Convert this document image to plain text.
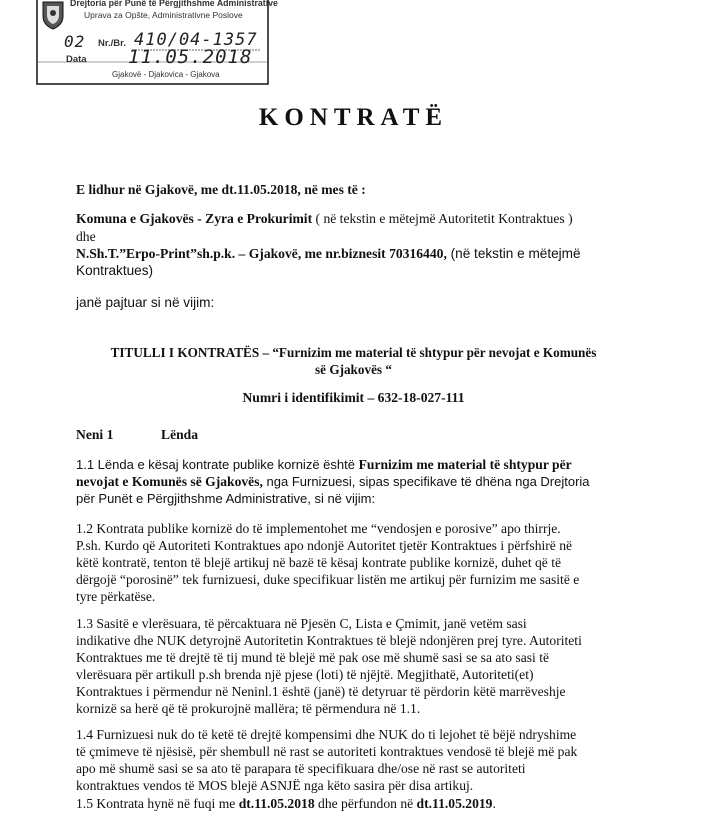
Drejtoria për Punë të Përgjithshme Administrative
Uprava za Opšte, Administrativne Poslove
02 Nr./Br. 410/04-1357
Data 11.05.2018
Gjakovë - Djakovica - Gjakova
KONTRATË
E lidhur në Gjakovë, me dt.11.05.2018, në mes të :
Komuna e Gjakovës - Zyra e Prokurimit ( në tekstin e mëtejmë Autoritetit Kontraktues )
dhe
N.Sh.T.”Erpo-Print”sh.p.k. – Gjakovë, me nr.biznesit 70316440, (në tekstin e mëtejmë
Kontraktues)
janë pajtuar si në vijim:
TITULLI I KONTRATËS – “Furnizim me material të shtypur për nevojat e Komunës
së Gjakovës “
Numri i identifikimit – 632-18-027-111
Neni 1	Lënda
1.1 Lënda e kësaj kontrate publike kornizë është Furnizim me material të shtypur për
nevojat e Komunës së Gjakovës, nga Furnizuesi, sipas specifikave të dhëna nga Drejtoria
për Punët e Përgjithshme Administrative, si në vijim:
1.2 Kontrata publike kornizë do të implementohet me “vendosjen e porosive” apo thirrje.
P.sh. Kurdo që Autoriteti Kontraktues apo ndonjë Autoritet tjetër Kontraktues i përfshirë në
këtë kontratë, tenton të blejë artikuj në bazë të kësaj kontrate publike kornizë, duhet që të
dërgojë “porosinë” tek furnizuesi, duke specifikuar listën me artikuj për furnizim me sasitë e
tyre përkatëse.
1.3 Sasitë e vlerësuara, të përcaktuara në Pjesën C, Lista e Çmimit, janë vetëm sasi
indikative dhe NUK detyrojnë Autoritetin Kontraktues të blejë ndonjëren prej tyre. Autoriteti
Kontraktues me të drejtë të tij mund të blejë më pak ose më shumë sasi se sa ato sasi të
vlerësuara për artikull p.sh brenda një pjese (loti) të njëjtë. Megjithatë, Autoriteti(et)
Kontraktues i përmendur në Neninl.1 është (janë) të detyruar të përdorin këtë marrëveshje
kornizë sa herë që të prokurojnë mallëra; të përmendura në 1.1.
1.4 Furnizuesi nuk do të ketë të drejtë kompensimi dhe NUK do ti lejohet të bëjë ndryshime
të çmimeve të njësisë, për shembull në rast se autoriteti kontraktues vendosë të blejë më pak
apo më shumë sasi se sa ato të parapara të specifikuara dhe/ose në rast se autoriteti
kontraktues vendos të MOS blejë ASNJË nga këto sasira për disa artikuj.
1.5 Kontrata hynë në fuqi me dt.11.05.2018 dhe përfundon në dt.11.05.2019.
